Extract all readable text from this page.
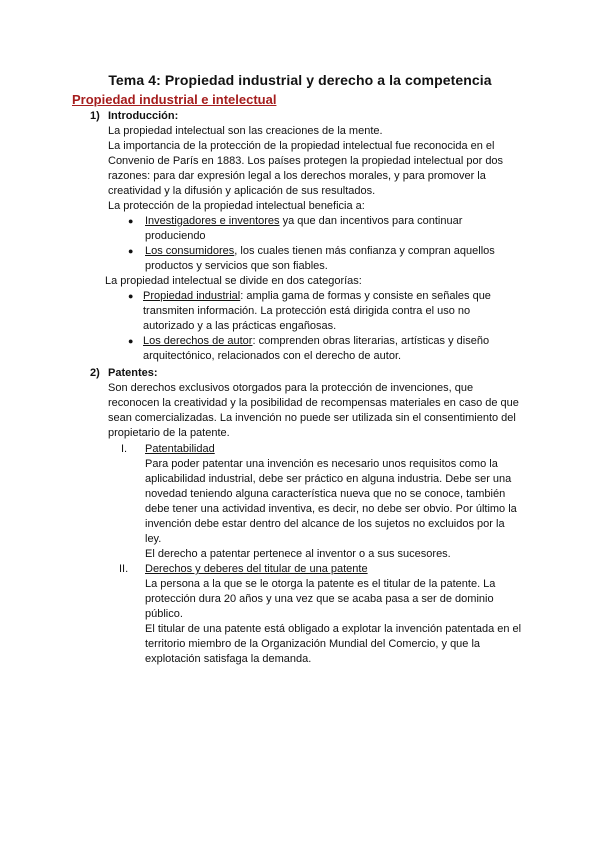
Tema 4: Propiedad industrial y derecho a la competencia
Propiedad industrial e intelectual
1) Introducción:
La propiedad intelectual son las creaciones de la mente.
La importancia de la protección de la propiedad intelectual fue reconocida en el
Convenio de París en 1883. Los países protegen la propiedad intelectual por dos
razones: para dar expresión legal a los derechos morales, y para promover la
creatividad y la difusión y aplicación de sus resultados.
La protección de la propiedad intelectual beneficia a:
● Investigadores e inventores ya que dan incentivos para continuar
produciendo
● Los consumidores, los cuales tienen más confianza y compran aquellos
productos y servicios que son fiables.
La propiedad intelectual se divide en dos categorías:
● Propiedad industrial: amplia gama de formas y consiste en señales que
transmiten información. La protección está dirigida contra el uso no
autorizado y a las prácticas engañosas.
● Los derechos de autor: comprenden obras literarias, artísticas y diseño
arquitectónico, relacionados con el derecho de autor.
2) Patentes:
Son derechos exclusivos otorgados para la protección de invenciones, que
reconocen la creatividad y la posibilidad de recompensas materiales en caso de que
sean comercializadas. La invención no puede ser utilizada sin el consentimiento del
propietario de la patente.
I. Patentabilidad
Para poder patentar una invención es necesario unos requisitos como la
aplicabilidad industrial, debe ser práctico en alguna industria. Debe ser una
novedad teniendo alguna característica nueva que no se conoce, también
debe tener una actividad inventiva, es decir, no debe ser obvio. Por último la
invención debe estar dentro del alcance de los sujetos no excluidos por la
ley.
El derecho a patentar pertenece al inventor o a sus sucesores.
II. Derechos y deberes del titular de una patente
La persona a la que se le otorga la patente es el titular de la patente. La
protección dura 20 años y una vez que se acaba pasa a ser de dominio
público.
El titular de una patente está obligado a explotar la invención patentada en el
territorio miembro de la Organización Mundial del Comercio, y que la
explotación satisfaga la demanda.
